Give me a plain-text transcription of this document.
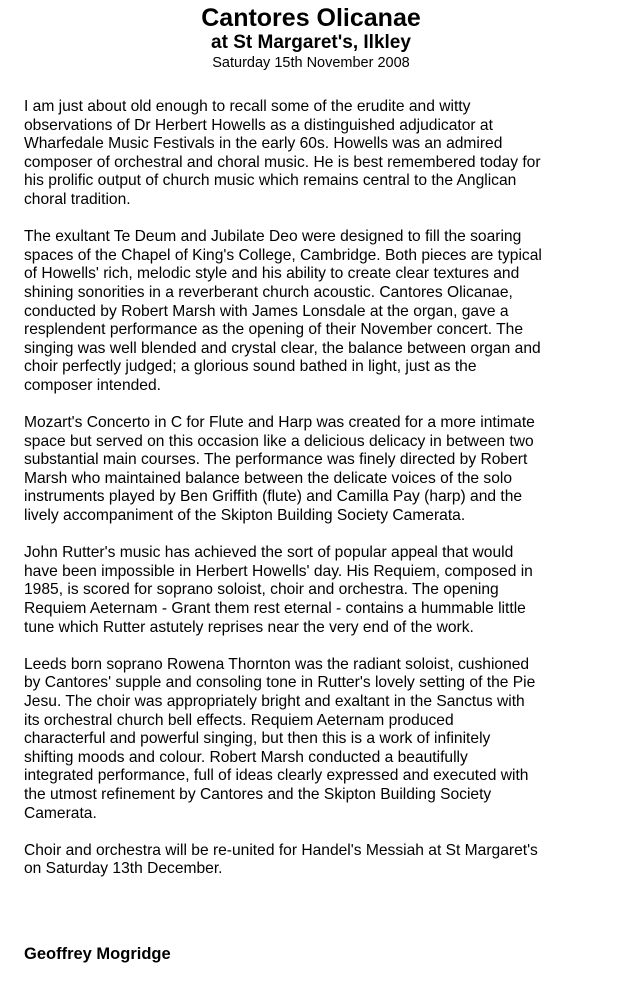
Cantores Olicanae
at St Margaret's, Ilkley

Saturday 15th November 2008

I am just about old enough to recall some of the erudite and witty
observations of Dr Herbert Howells as a distinguished adjudicator at
Wharfedale Music Festivals in the early 60s. Howells was an admired
composer of orchestral and choral music. He is best remembered today for
his prolific output of church music which remains central to the Anglican
choral tradition.

The exultant Te Deum and Jubilate Deo were designed to fill the soaring
spaces of the Chapel of King's College, Cambridge. Both pieces are typical
of Howells' rich, melodic style and his ability to create clear textures and
shining sonorities in a reverberant church acoustic. Cantores Olicanae,
conducted by Robert Marsh with James Lonsdale at the organ, gave a
resplendent performance as the opening of their November concert. The
singing was well blended and crystal clear, the balance between organ and
choir perfectly judged; a glorious sound bathed in light, just as the
composer intended.

Mozart's Concerto in C for Flute and Harp was created for a more intimate
space but served on this occasion like a delicious delicacy in between two
substantial main courses. The performance was finely directed by Robert
Marsh who maintained balance between the delicate voices of the solo
instruments played by Ben Griffith (flute) and Camilla Pay (harp) and the
lively accompaniment of the Skipton Building Society Camerata.

John Rutter's music has achieved the sort of popular appeal that would
have been impossible in Herbert Howells' day. His Requiem, composed in
1985, is scored for soprano soloist, choir and orchestra. The opening
Requiem Aeternam - Grant them rest eternal - contains a hummable little
tune which Rutter astutely reprises near the very end of the work.

Leeds born soprano Rowena Thornton was the radiant soloist, cushioned
by Cantores' supple and consoling tone in Rutter's lovely setting of the Pie
Jesu. The choir was appropriately bright and exaltant in the Sanctus with
its orchestral church bell effects. Requiem Aeternam produced
characterful and powerful singing, but then this is a work of infinitely
shifting moods and colour. Robert Marsh conducted a beautifully
integrated performance, full of ideas clearly expressed and executed with
the utmost refinement by Cantores and the Skipton Building Society
Camerata.

Choir and orchestra will be re-united for Handel's Messiah at St Margaret's
on Saturday 13th December.

Geoffrey Mogridge
